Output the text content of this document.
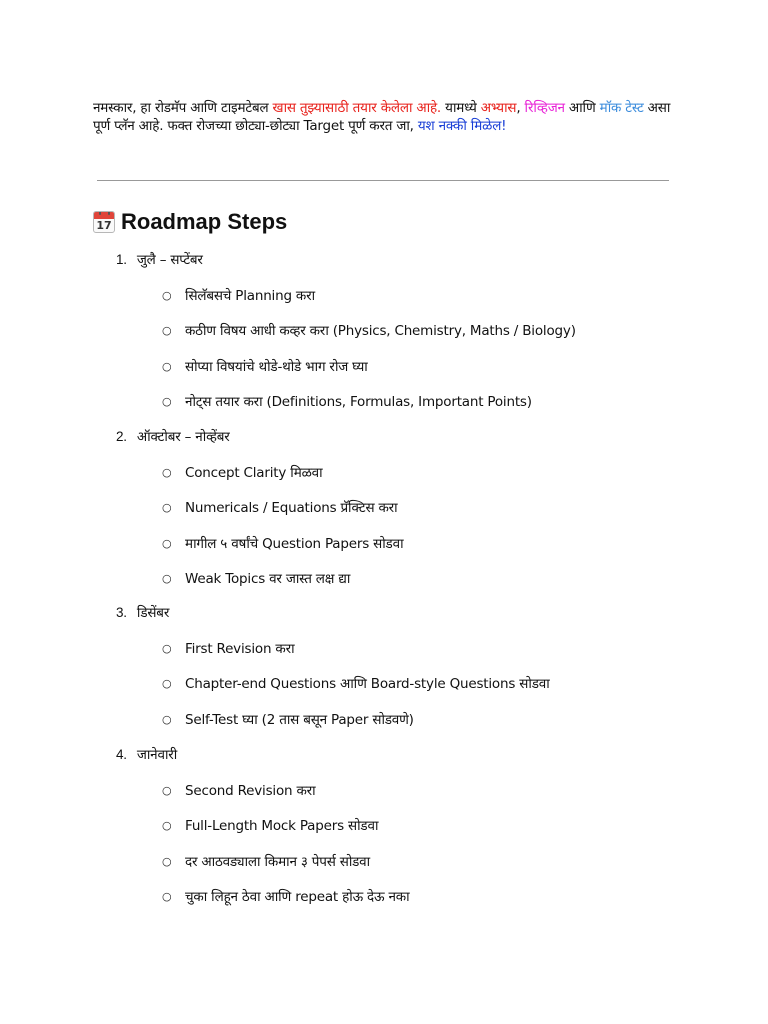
नमस्कार, हा रोडमॅप आणि टाइमटेबल खास तुझ्यासाठी तयार केलेला आहे. यामध्ये अभ्यास, रिव्हिजन आणि मॉक टेस्ट असा पूर्ण प्लॅन आहे. फक्त रोजच्या छोट्या-छोट्या Target पूर्ण करत जा, यश नक्की मिळेल!

17 Roadmap Steps
1. जुलै – सप्टेंबर
○	सिलॅबसचे Planning करा
○	कठीण विषय आधी कव्हर करा (Physics, Chemistry, Maths / Biology)
○	सोप्या विषयांचे थोडे-थोडे भाग रोज घ्या
○	नोट्स तयार करा (Definitions, Formulas, Important Points)
2. ऑक्टोबर – नोव्हेंबर
○	Concept Clarity मिळवा
○	Numericals / Equations प्रॅक्टिस करा
○	मागील ५ वर्षांचे Question Papers सोडवा
○	Weak Topics वर जास्त लक्ष द्या
3. डिसेंबर
○	First Revision करा
○	Chapter-end Questions आणि Board-style Questions सोडवा
○	Self-Test घ्या (2 तास बसून Paper सोडवणे)
4. जानेवारी
○	Second Revision करा
○	Full-Length Mock Papers सोडवा
○	दर आठवड्याला किमान ३ पेपर्स सोडवा
○	चुका लिहून ठेवा आणि repeat होऊ देऊ नका
